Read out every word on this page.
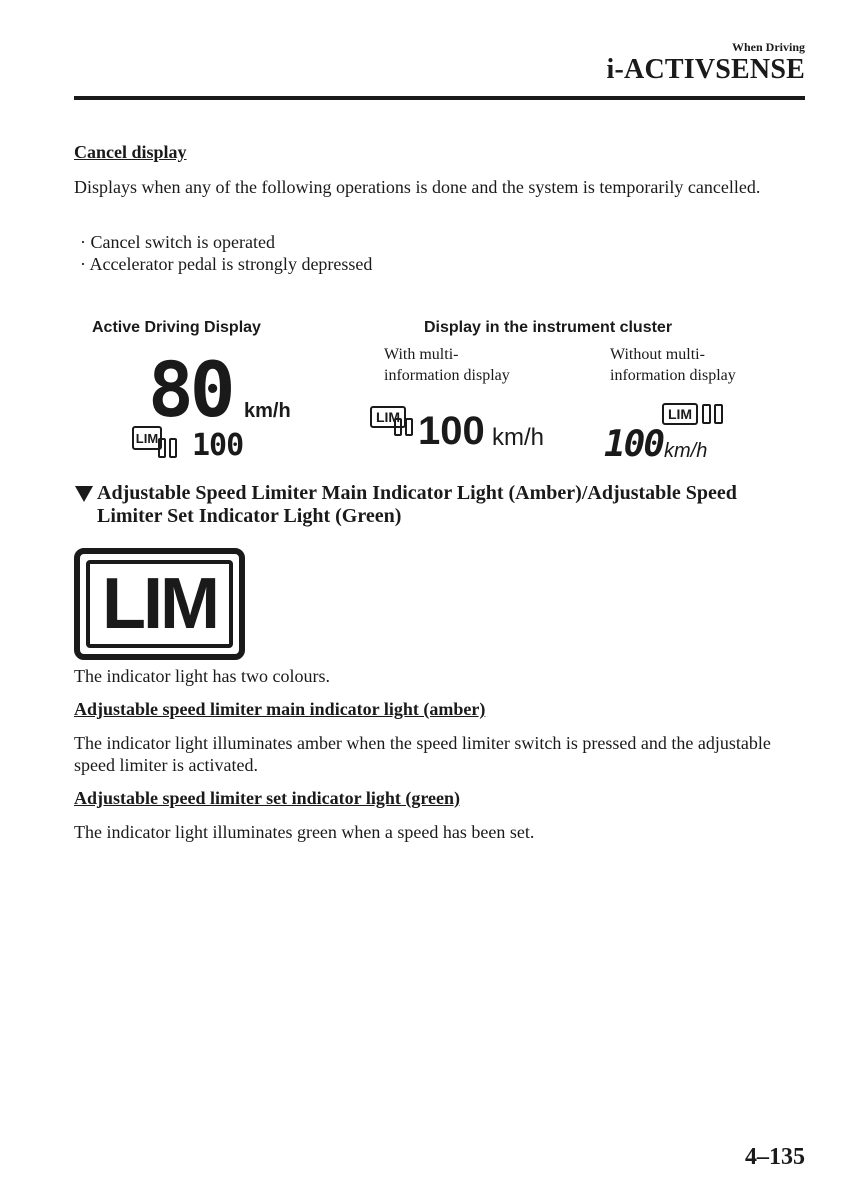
When Driving
i-ACTIVSENSE
Cancel display
Displays when any of the following operations is done and the system is temporarily cancelled.
· Cancel switch is operated
· Accelerator pedal is strongly depressed
Active Driving Display
80 km/h
LIM 100
Display in the instrument cluster
With multi-
information display
Without multi-
information display
LIM 100 km/h
LIM
100 km/h
Adjustable Speed Limiter Main Indicator Light (Amber)/Adjustable Speed
Limiter Set Indicator Light (Green)
LIM
The indicator light has two colours.
Adjustable speed limiter main indicator light (amber)
The indicator light illuminates amber when the speed limiter switch is pressed and the adjustable speed limiter is activated.
Adjustable speed limiter set indicator light (green)
The indicator light illuminates green when a speed has been set.
4–135
